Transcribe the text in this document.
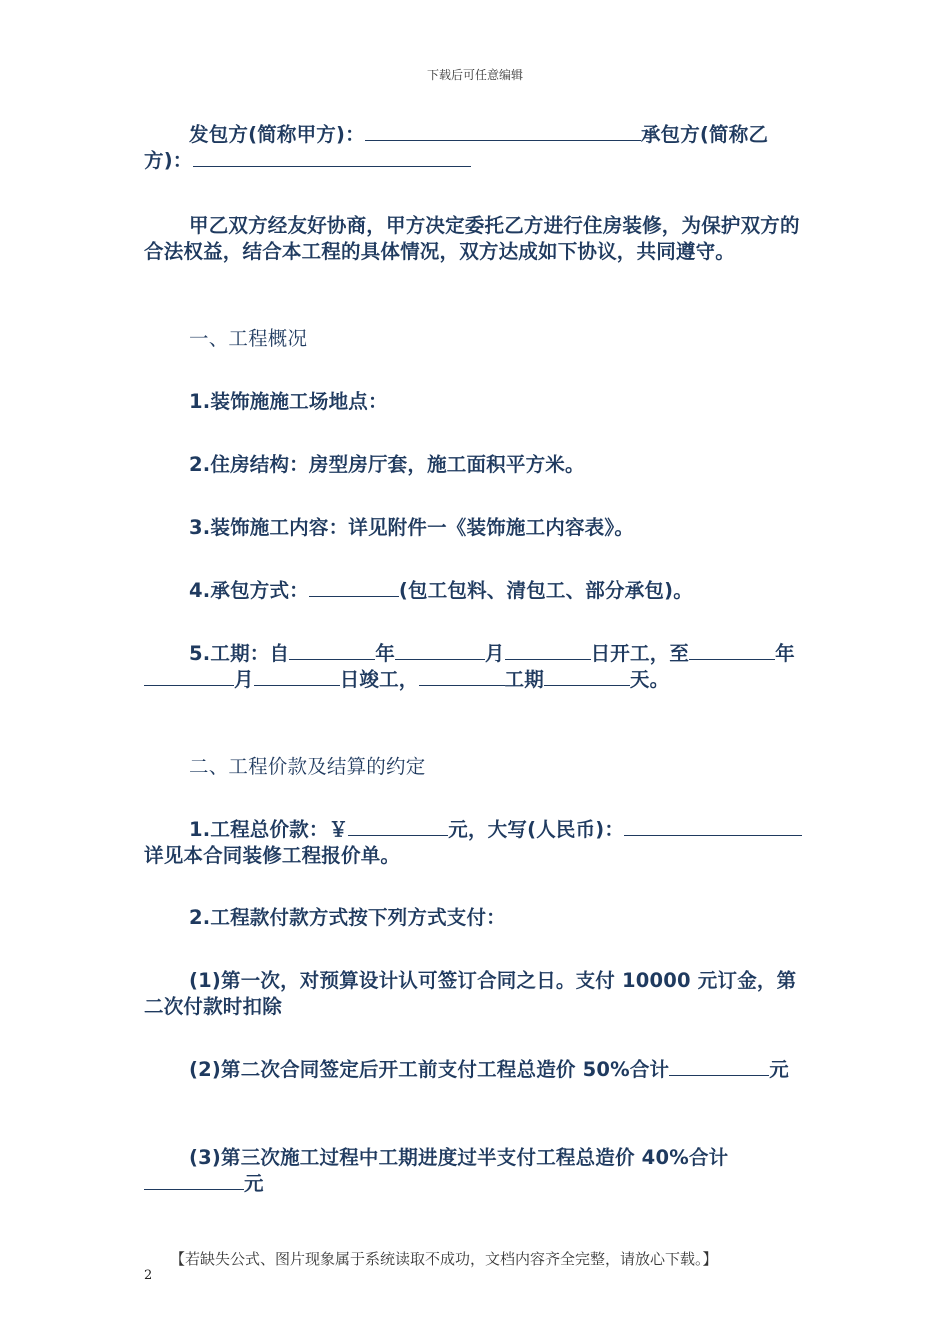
下载后可任意编辑

发包方(简称甲方)：	承包方(简称乙方)：

甲乙双方经友好协商，甲方决定委托乙方进行住房装修，为保护双方的合法权益，结合本工程的具体情况，双方达成如下协议，共同遵守。

一、工程概况

1.装饰施施工场地点：

2.住房结构：房型房厅套，施工面积平方米。

3.装饰施工内容：详见附件一《装饰施工内容表》。

4.承包方式：	(包工包料、清包工、部分承包)。

5.工期：自	年	月	日开工，至	年月	日竣工，	工期	天。

二、工程价款及结算的约定

1.工程总价款：￥	元，大写(人民币)：详见本合同装修工程报价单。

2.工程款付款方式按下列方式支付：

(1)第一次，对预算设计认可签订合同之日。支付 10000 元订金，第二次付款时扣除

(2)第二次合同签定后开工前支付工程总造价 50%合计	元

(3)第三次施工过程中工期进度过半支付工程总造价 40%合计元

【若缺失公式、图片现象属于系统读取不成功，文档内容齐全完整，请放心下载。】
2
